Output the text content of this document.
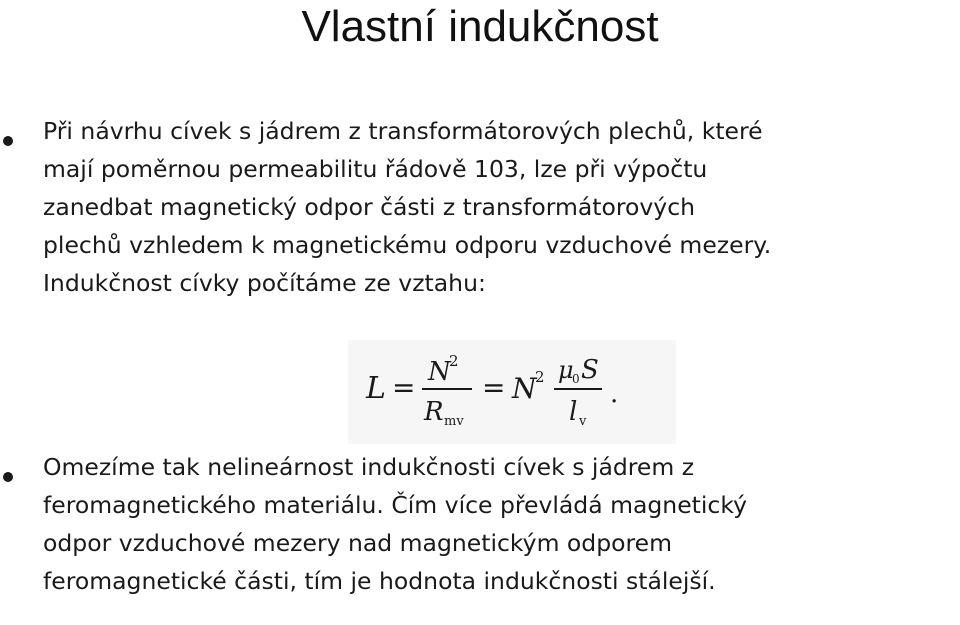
Vlastní indukčnost

Při návrhu cívek s jádrem z transformátorových plechů, které
mají poměrnou permeabilitu řádově 103, lze při výpočtu
zanedbat magnetický odpor části z transformátorových
plechů vzhledem k magnetickému odporu vzduchové mezery.
Indukčnost cívky počítáme ze vztahu:

Omezíme tak nelineárnost indukčnosti cívek s jádrem z
feromagnetického materiálu. Čím více převládá magnetický
odpor vzduchové mezery nad magnetickým odporem
feromagnetické části, tím je hodnota indukčnosti stálejší.

L = N
2
R mv
= N
2 μ
0 S
l v
.
